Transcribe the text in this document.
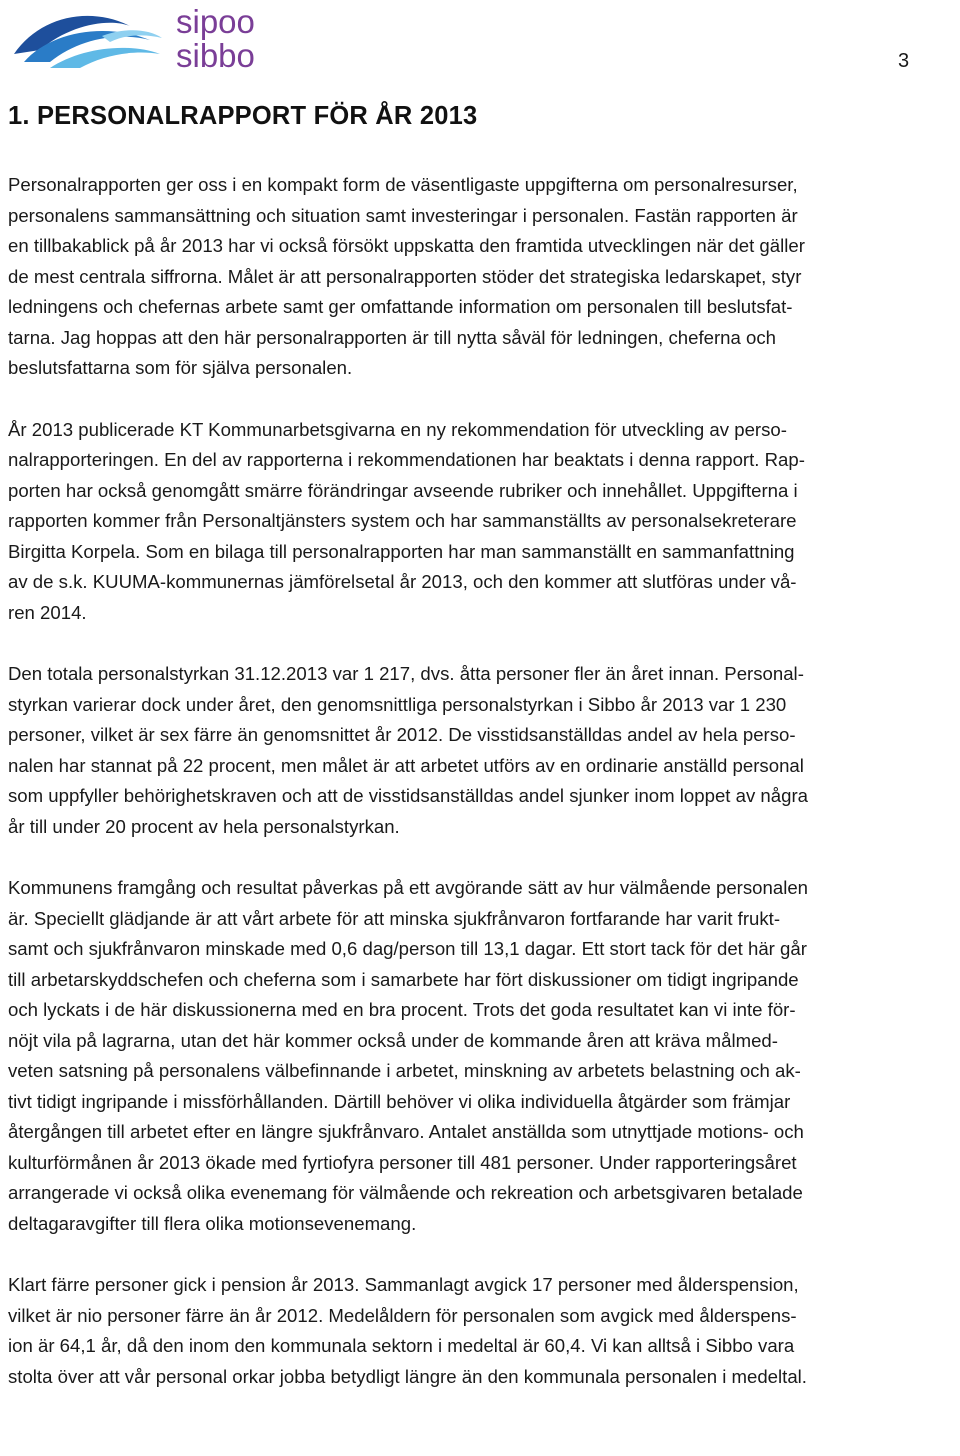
sipoo
sibbo	3
1. PERSONALRAPPORT FÖR ÅR 2013

Personalrapporten ger oss i en kompakt form de väsentligaste uppgifterna om personalresurser,
personalens sammansättning och situation samt investeringar i personalen. Fastän rapporten är
en tillbakablick på år 2013 har vi också försökt uppskatta den framtida utvecklingen när det gäller
de mest centrala siffrorna. Målet är att personalrapporten stöder det strategiska ledarskapet, styr
ledningens och chefernas arbete samt ger omfattande information om personalen till beslutsfat-
tarna. Jag hoppas att den här personalrapporten är till nytta såväl för ledningen, cheferna och
beslutsfattarna som för själva personalen.

År 2013 publicerade KT Kommunarbetsgivarna en ny rekommendation för utveckling av perso-
nalrapporteringen. En del av rapporterna i rekommendationen har beaktats i denna rapport. Rap-
porten har också genomgått smärre förändringar avseende rubriker och innehållet. Uppgifterna i
rapporten kommer från Personaltjänsters system och har sammanställts av personalsekreterare
Birgitta Korpela. Som en bilaga till personalrapporten har man sammanställt en sammanfattning
av de s.k. KUUMA-kommunernas jämförelsetal år 2013, och den kommer att slutföras under vå-
ren 2014.

Den totala personalstyrkan 31.12.2013 var 1 217, dvs. åtta personer fler än året innan. Personal-
styrkan varierar dock under året, den genomsnittliga personalstyrkan i Sibbo år 2013 var 1 230
personer, vilket är sex färre än genomsnittet år 2012. De visstidsanställdas andel av hela perso-
nalen har stannat på 22 procent, men målet är att arbetet utförs av en ordinarie anställd personal
som uppfyller behörighetskraven och att de visstidsanställdas andel sjunker inom loppet av några
år till under 20 procent av hela personalstyrkan.

Kommunens framgång och resultat påverkas på ett avgörande sätt av hur välmående personalen
är. Speciellt glädjande är att vårt arbete för att minska sjukfrånvaron fortfarande har varit frukt-
samt och sjukfrånvaron minskade med 0,6 dag/person till 13,1 dagar. Ett stort tack för det här går
till arbetarskyddschefen och cheferna som i samarbete har fört diskussioner om tidigt ingripande
och lyckats i de här diskussionerna med en bra procent. Trots det goda resultatet kan vi inte för-
nöjt vila på lagrarna, utan det här kommer också under de kommande åren att kräva målmed-
veten satsning på personalens välbefinnande i arbetet, minskning av arbetets belastning och ak-
tivt tidigt ingripande i missförhållanden. Därtill behöver vi olika individuella åtgärder som främjar
återgången till arbetet efter en längre sjukfrånvaro. Antalet anställda som utnyttjade motions- och
kulturförmånen år 2013 ökade med fyrtiofyra personer till 481 personer. Under rapporteringsåret
arrangerade vi också olika evenemang för välmående och rekreation och arbetsgivaren betalade
deltagaravgifter till flera olika motionsevenemang.

Klart färre personer gick i pension år 2013. Sammanlagt avgick 17 personer med ålderspension,
vilket är nio personer färre än år 2012. Medelåldern för personalen som avgick med ålderspens-
ion är 64,1 år, då den inom den kommunala sektorn i medeltal är 60,4. Vi kan alltså i Sibbo vara
stolta över att vår personal orkar jobba betydligt längre än den kommunala personalen i medeltal.
